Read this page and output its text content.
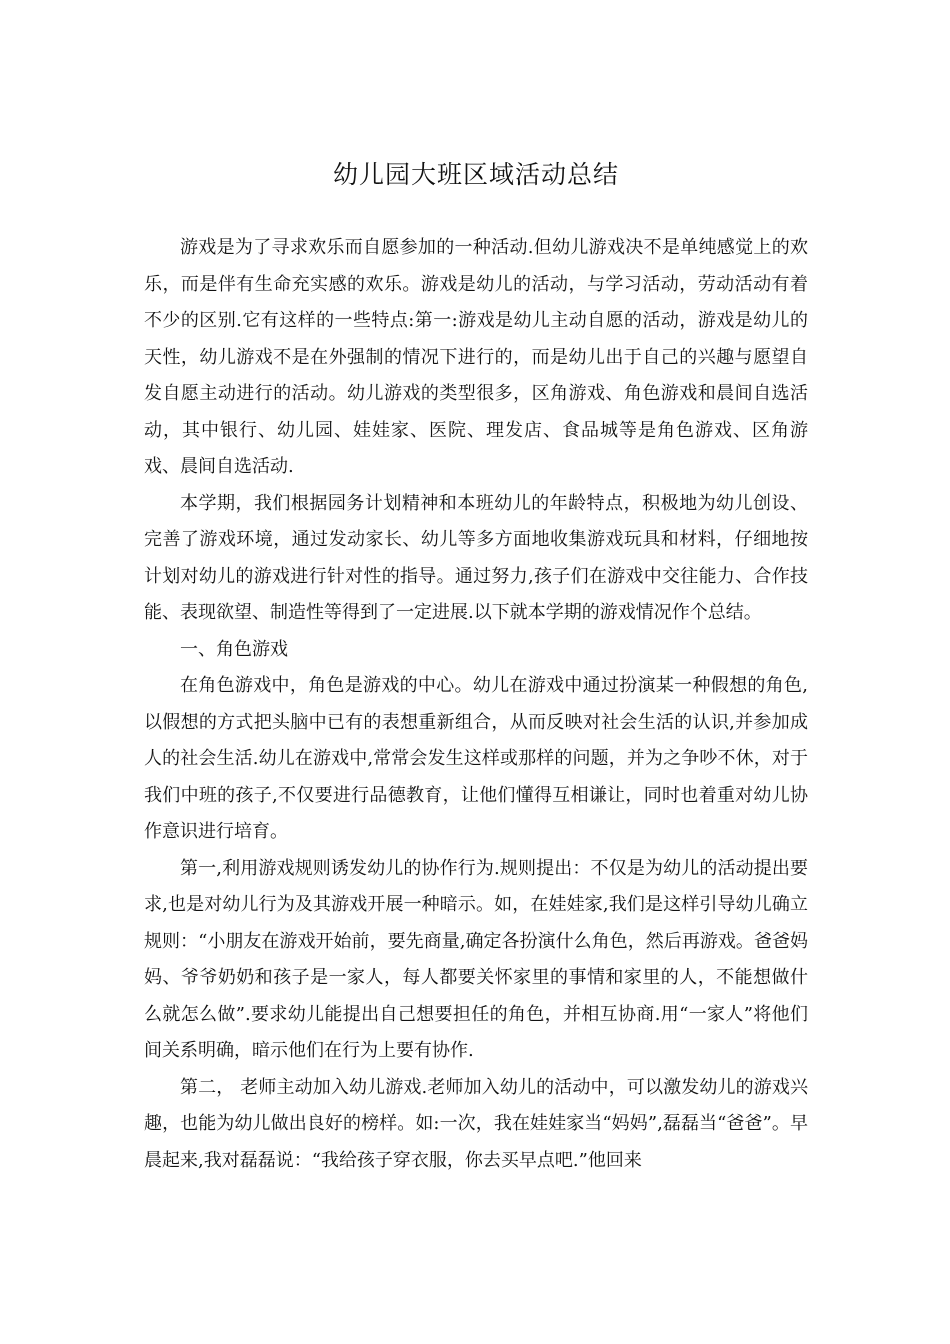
幼儿园大班区域活动总结

游戏是为了寻求欢乐而自愿参加的一种活动.但幼儿游戏决不是单纯感觉上的欢乐，而是伴有生命充实感的欢乐。游戏是幼儿的活动，与学习活动，劳动活动有着不少的区别.它有这样的一些特点:第一:游戏是幼儿主动自愿的活动，游戏是幼儿的天性，幼儿游戏不是在外强制的情况下进行的，而是幼儿出于自己的兴趣与愿望自发自愿主动进行的活动。幼儿游戏的类型很多，区角游戏、角色游戏和晨间自选活动，其中银行、幼儿园、娃娃家、医院、理发店、食品城等是角色游戏、区角游戏、晨间自选活动.

本学期，我们根据园务计划精神和本班幼儿的年龄特点，积极地为幼儿创设、完善了游戏环境，通过发动家长、幼儿等多方面地收集游戏玩具和材料，仔细地按计划对幼儿的游戏进行针对性的指导。通过努力,孩子们在游戏中交往能力、合作技能、表现欲望、制造性等得到了一定进展.以下就本学期的游戏情况作个总结。

一、角色游戏

在角色游戏中，角色是游戏的中心。幼儿在游戏中通过扮演某一种假想的角色,以假想的方式把头脑中已有的表想重新组合，从而反映对社会生活的认识,并参加成人的社会生活.幼儿在游戏中,常常会发生这样或那样的问题，并为之争吵不休，对于我们中班的孩子,不仅要进行品德教育，让他们懂得互相谦让，同时也着重对幼儿协作意识进行培育。

第一,利用游戏规则诱发幼儿的协作行为.规则提出：不仅是为幼儿的活动提出要求,也是对幼儿行为及其游戏开展一种暗示。如，在娃娃家,我们是这样引导幼儿确立规则：“小朋友在游戏开始前，要先商量,确定各扮演什么角色，然后再游戏。爸爸妈妈、爷爷奶奶和孩子是一家人，每人都要关怀家里的事情和家里的人，不能想做什么就怎么做”.要求幼儿能提出自己想要担任的角色，并相互协商.用“一家人”将他们间关系明确，暗示他们在行为上要有协作.

第二， 老师主动加入幼儿游戏.老师加入幼儿的活动中，可以激发幼儿的游戏兴趣，也能为幼儿做出良好的榜样。如:一次，我在娃娃家当“妈妈”,磊磊当“爸爸”。早晨起来,我对磊磊说：“我给孩子穿衣服，你去买早点吧.”他回来
